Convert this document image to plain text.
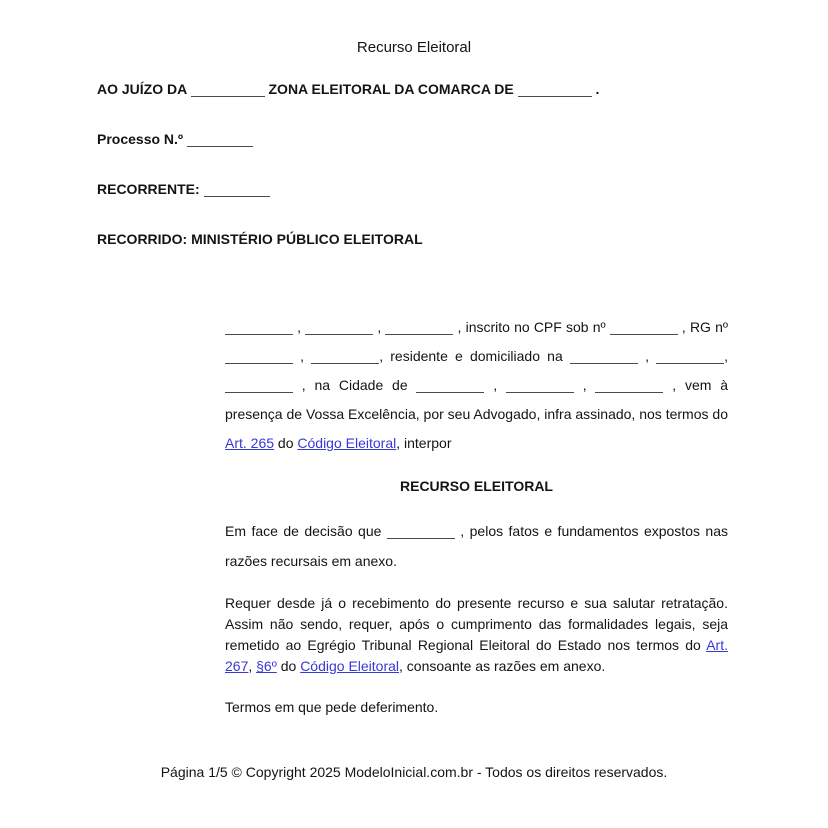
Recurso Eleitoral
AO JUÍZO DA	ZONA ELEITORAL DA COMARCA DE	.
Processo N.º
RECORRENTE:
RECORRIDO: MINISTÉRIO PÚBLICO ELEITORAL
,	,	, inscrito no CPF sob nº	, RG nº  ,	, residente e domiciliado na	,	,  , na Cidade de	,	,	, vem à presença de Vossa Excelência, por seu Advogado, infra assinado, nos termos do Art. 265 do Código Eleitoral, interpor
RECURSO ELEITORAL
Em face de decisão que	, pelos fatos e fundamentos expostos nas razões recursais em anexo.
Requer desde já o recebimento do presente recurso e sua salutar retratação. Assim não sendo, requer, após o cumprimento das formalidades legais, seja remetido ao Egrégio Tribunal Regional Eleitoral do Estado nos termos do Art. 267, §6º do Código Eleitoral, consoante as razões em anexo.
Termos em que pede deferimento.
Página 1/5 © Copyright 2025 ModeloInicial.com.br - Todos os direitos reservados.
